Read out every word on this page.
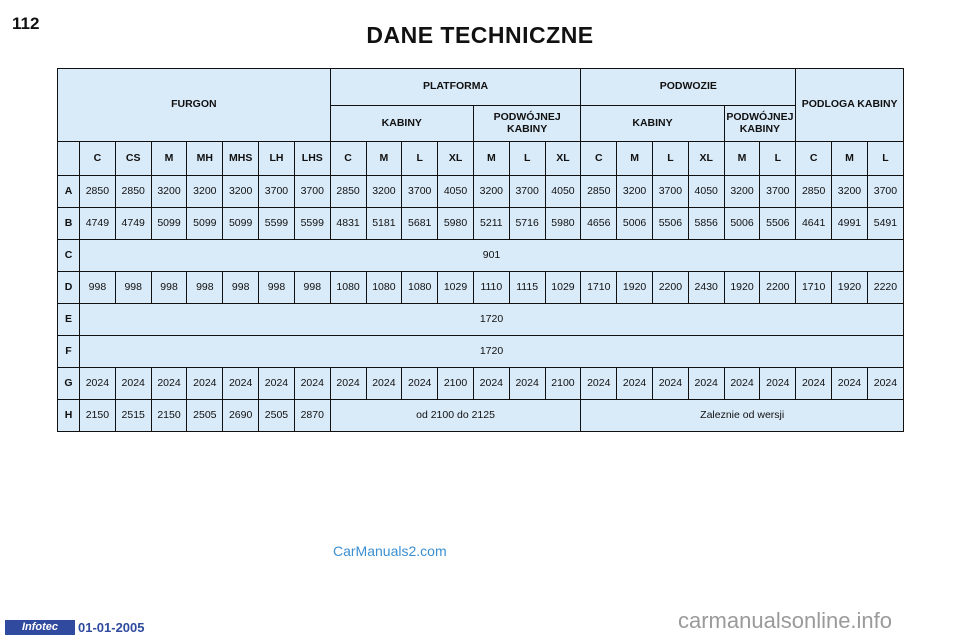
112	DANE TECHNICZNE
FURGON								PLATFORMA							PODWOZIE						PODLOGA KABINY		
								KABINY				PODWÓJNEJ KABINY			KABINY				PODWÓJNEJ KABINY				
	C	CS	M	MH	MHS	LH	LHS	C	M	L	XL	M	L	XL	C	M	L	XL	M	L	C	M	L
A	2850	2850	3200	3200	3200	3700	3700	2850	3200	3700	4050	3200	3700	4050	2850	3200	3700	4050	3200	3700	2850	3200	3700
B	4749	4749	5099	5099	5099	5599	5599	4831	5181	5681	5980	5211	5716	5980	4656	5006	5506	5856	5006	5506	4641	4991	5491
C	901																						
D	998	998	998	998	998	998	998	1080	1080	1080	1029	1110	1115	1029	1710	1920	2200	2430	1920	2200	1710	1920	2220
E	1720																						
F	1720																						
G	2024	2024	2024	2024	2024	2024	2024	2024	2024	2024	2100	2024	2024	2100	2024	2024	2024	2024	2024	2024	2024	2024	2024
H	2150	2515	2150	2505	2690	2505	2870	od 2100 do 2125							Zaleznie od wersji								
CarManuals2.com
Infotec	01-01-2005	carmanualsonline.info
